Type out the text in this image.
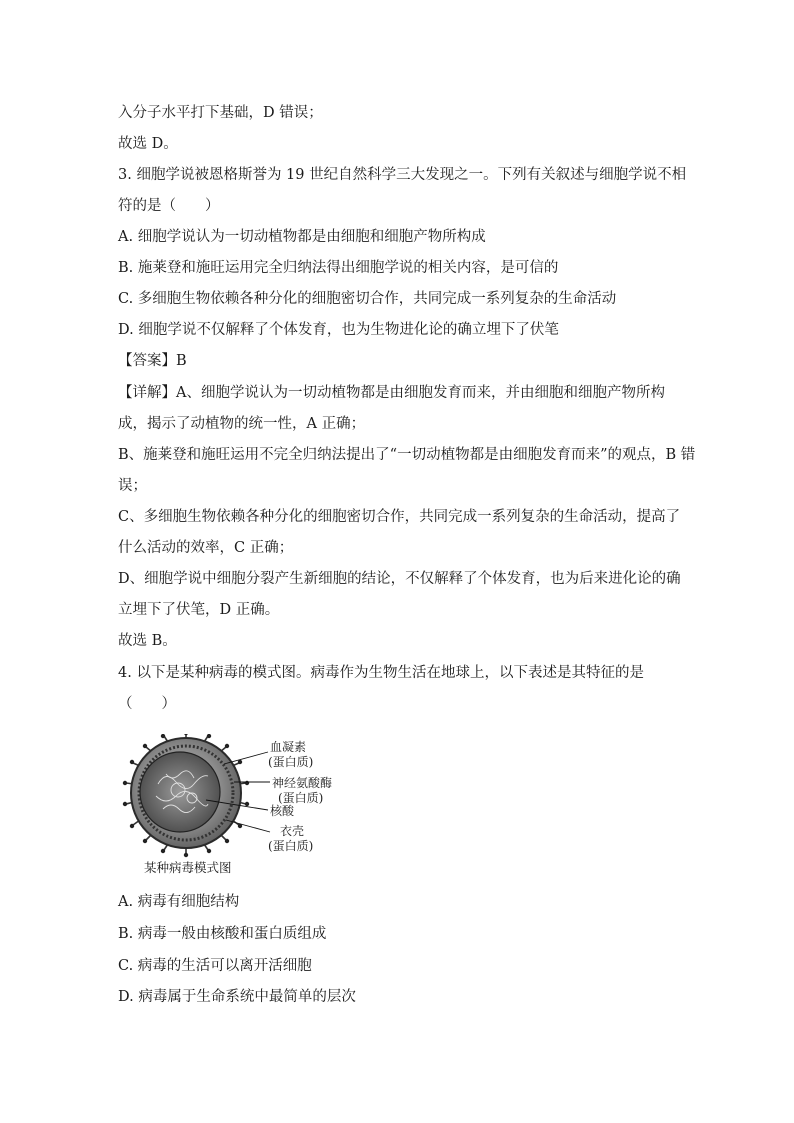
入分子水平打下基础，D 错误；
故选 D。
3. 细胞学说被恩格斯誉为 19 世纪自然科学三大发现之一。下列有关叙述与细胞学说不相
符的是（　　）
A. 细胞学说认为一切动植物都是由细胞和细胞产物所构成
B. 施莱登和施旺运用完全归纳法得出细胞学说的相关内容，是可信的
C. 多细胞生物依赖各种分化的细胞密切合作，共同完成一系列复杂的生命活动
D. 细胞学说不仅解释了个体发育，也为生物进化论的确立埋下了伏笔
【答案】B
【详解】A、细胞学说认为一切动植物都是由细胞发育而来，并由细胞和细胞产物所构
成，揭示了动植物的统一性，A 正确；
B、施莱登和施旺运用不完全归纳法提出了“一切动植物都是由细胞发育而来”的观点，B 错
误；
C、多细胞生物依赖各种分化的细胞密切合作，共同完成一系列复杂的生命活动，提高了
什么活动的效率，C 正确；
D、细胞学说中细胞分裂产生新细胞的结论，不仅解释了个体发育，也为后来进化论的确
立埋下了伏笔，D 正确。
故选 B。
4. 以下是某种病毒的模式图。病毒作为生物生活在地球上，以下表述是其特征的是
（　　）
血凝素
(蛋白质)
神经氨酸酶
(蛋白质)
核酸
衣壳
(蛋白质)
某种病毒模式图
A. 病毒有细胞结构
B. 病毒一般由核酸和蛋白质组成
C. 病毒的生活可以离开活细胞
D. 病毒属于生命系统中最简单的层次
